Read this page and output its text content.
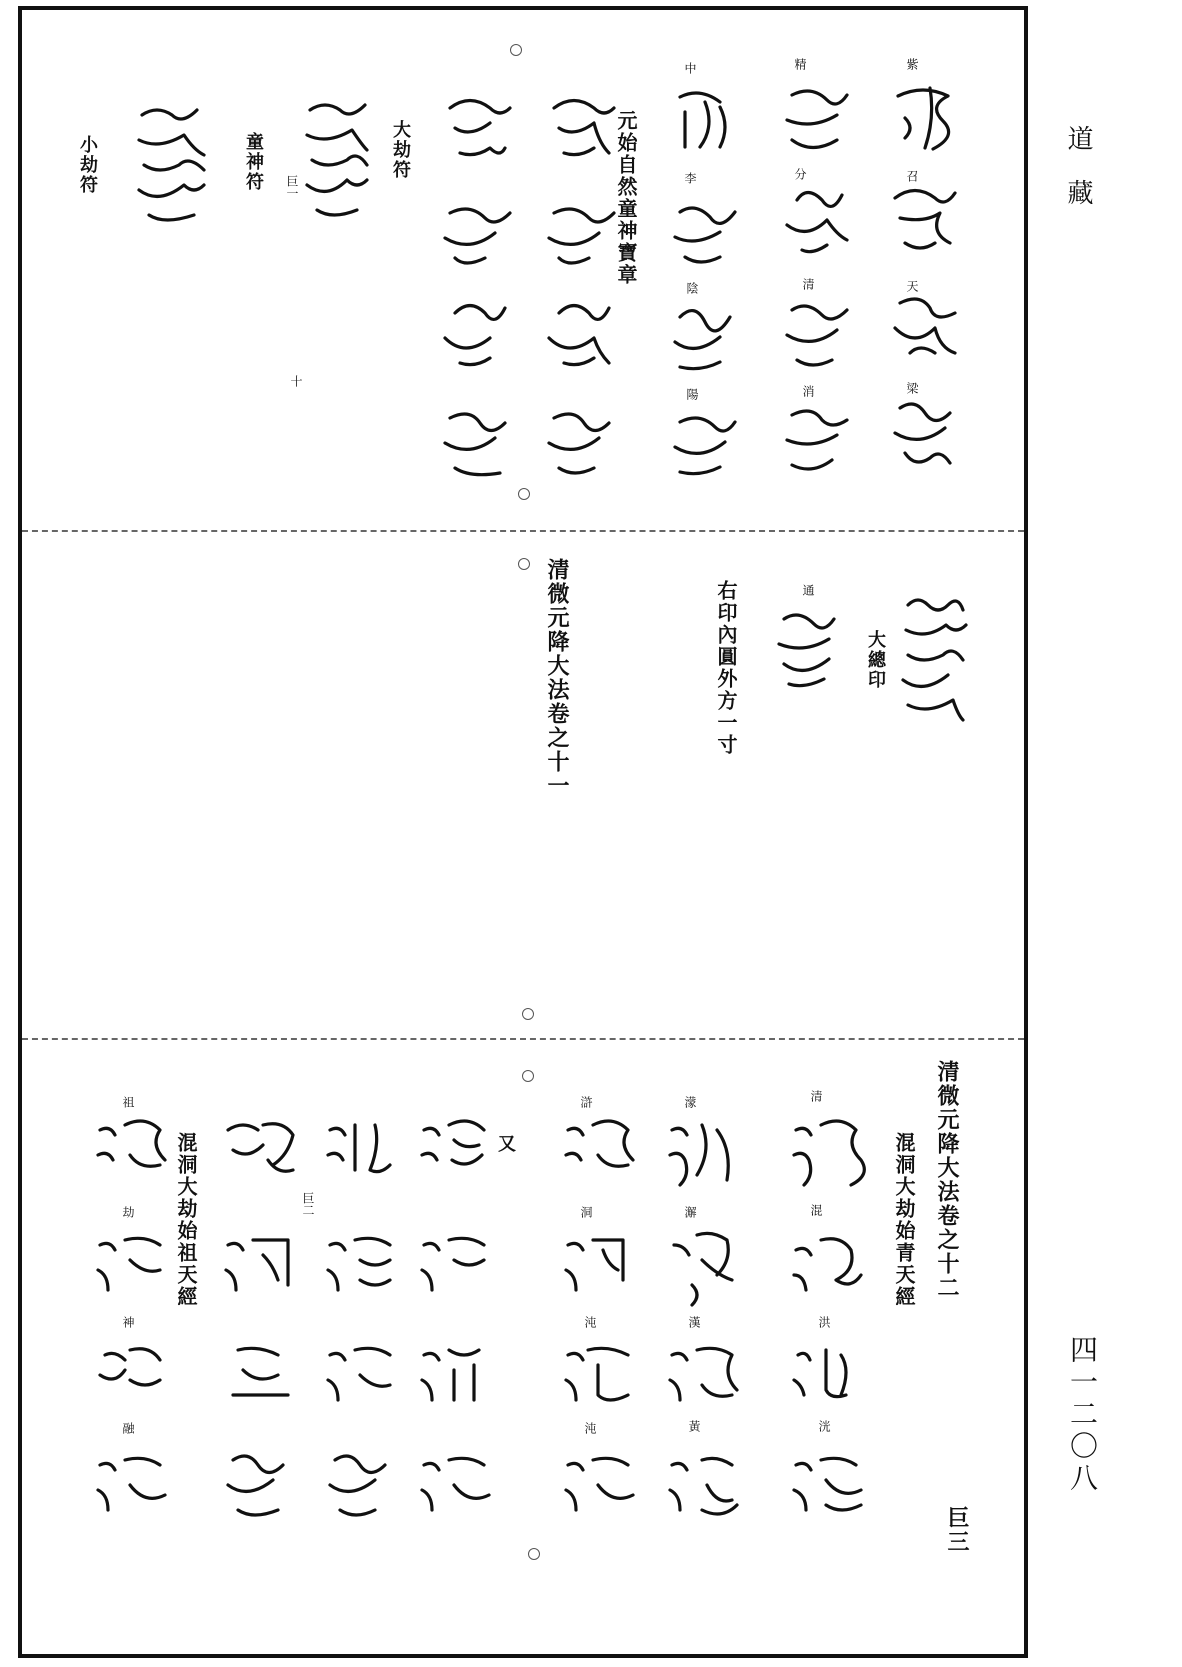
道藏
四一二〇八
元始自然童神寶章
大劫符
童神符
小劫符	巨一
十
紫
召
天
梁
精
分
清
消
中
李
陰
陽
大總印
通
右印內圓外方一寸
清微元降大法卷之十一
清微元降大法卷之十二
混洞大劫始青天經
混洞大劫始祖天經	又
巨二
巨三
清
混
洪
洸
濛
澥
漢
黃
滸
洞
沌
沌
祖
劫
神
融
